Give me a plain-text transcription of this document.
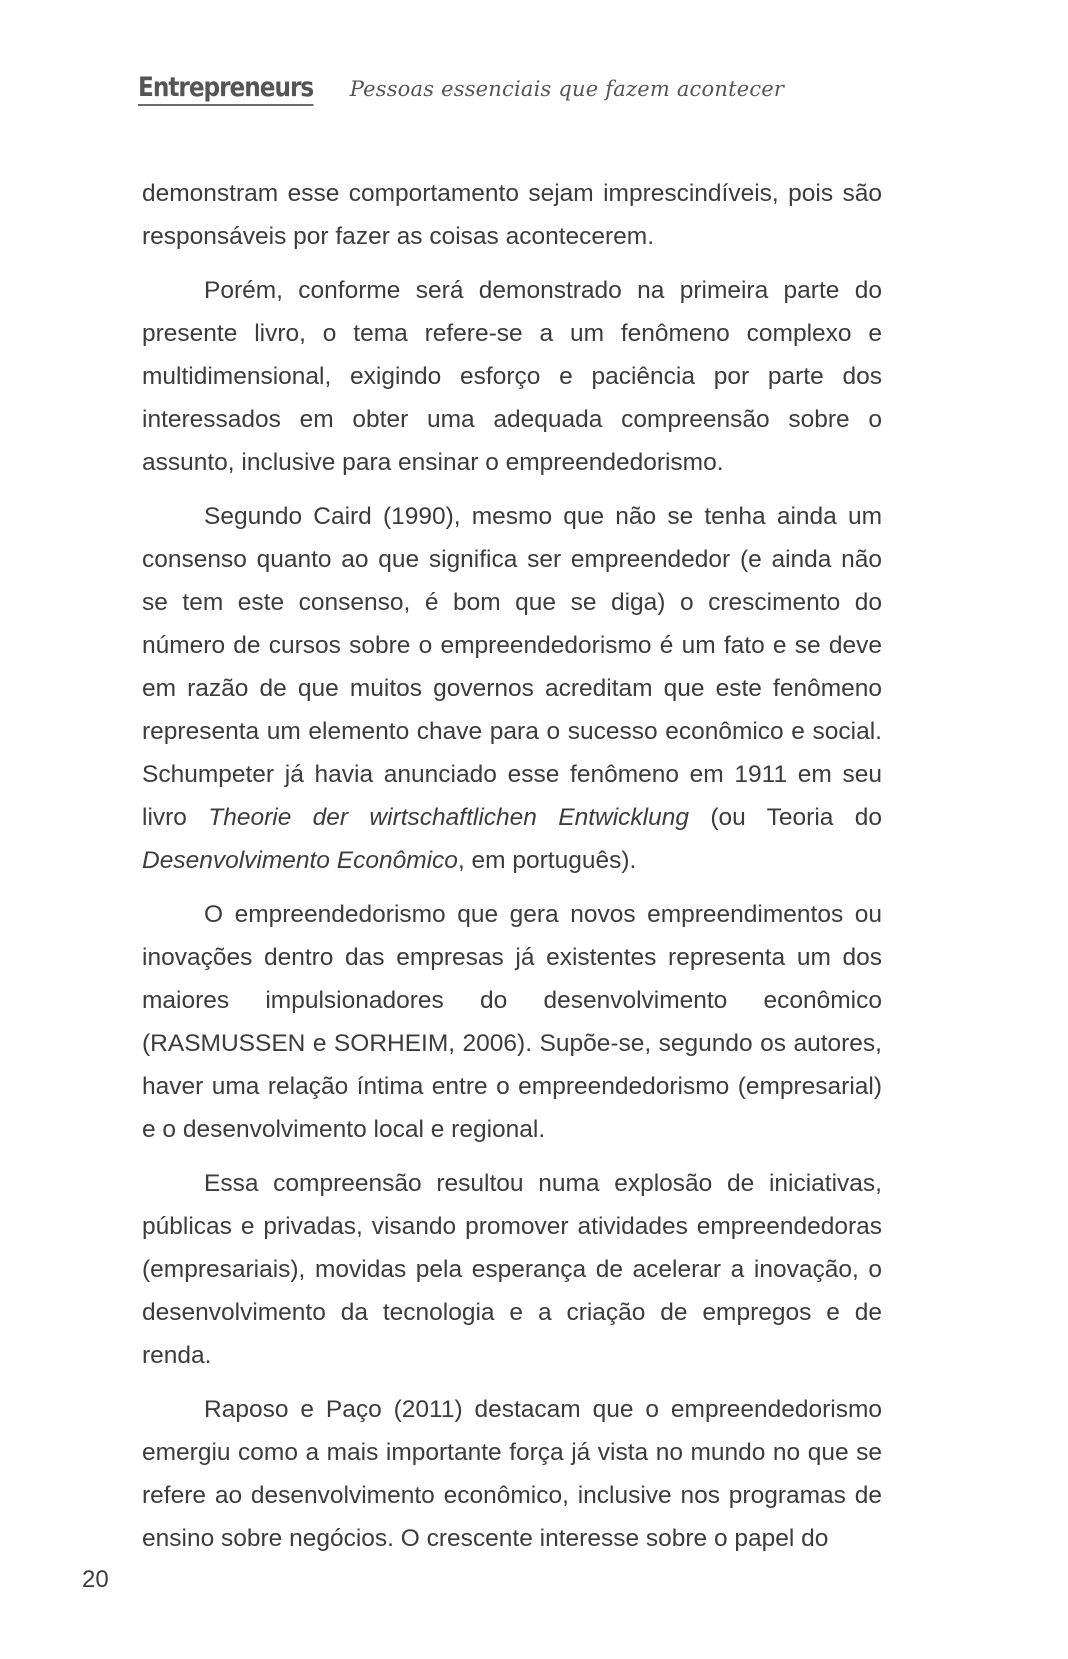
Entrepreneurs Pessoas essenciais que fazem acontecer

demonstram esse comportamento sejam imprescindíveis, pois são responsáveis por fazer as coisas acontecerem.

Porém, conforme será demonstrado na primeira parte do presente livro, o tema refere-se a um fenômeno complexo e multidimensional, exigindo esforço e paciência por parte dos interessados em obter uma adequada compreensão sobre o assunto, inclusive para ensinar o empreendedorismo.

Segundo Caird (1990), mesmo que não se tenha ainda um consenso quanto ao que significa ser empreendedor (e ainda não se tem este consenso, é bom que se diga) o crescimento do número de cursos sobre o empreendedorismo é um fato e se deve em razão de que muitos governos acreditam que este fenômeno representa um elemento chave para o sucesso econômico e social. Schumpeter já havia anunciado esse fenômeno em 1911 em seu livro Theorie der wirtschaftlichen Entwicklung (ou Teoria do Desenvolvimento Econômico, em português).

O empreendedorismo que gera novos empreendimentos ou inovações dentro das empresas já existentes representa um dos maiores impulsionadores do desenvolvimento econômico (RASMUSSEN e SORHEIM, 2006). Supõe-se, segundo os autores, haver uma relação íntima entre o empreendedorismo (empresarial) e o desenvolvimento local e regional.

Essa compreensão resultou numa explosão de iniciativas, públicas e privadas, visando promover atividades empreendedoras (empresariais), movidas pela esperança de acelerar a inovação, o desenvolvimento da tecnologia e a criação de empregos e de renda.

Raposo e Paço (2011) destacam que o empreendedorismo emergiu como a mais importante força já vista no mundo no que se refere ao desenvolvimento econômico, inclusive nos programas de ensino sobre negócios. O crescente interesse sobre o papel do

20
